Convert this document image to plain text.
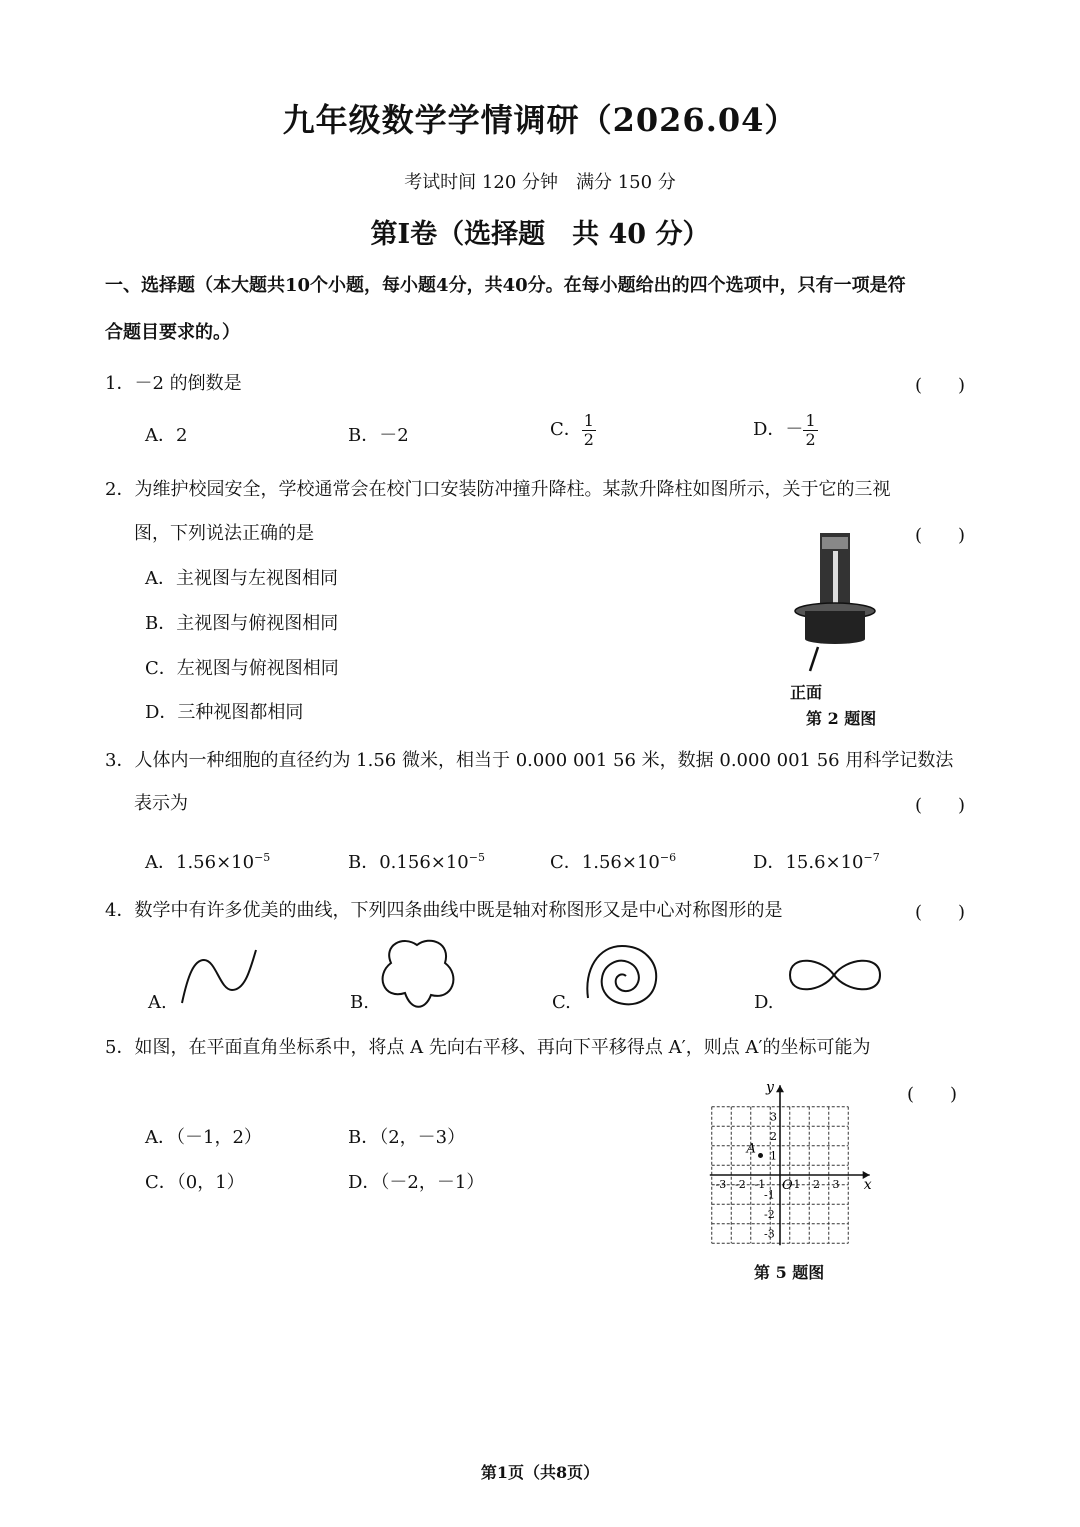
九年级数学学情调研（2026.04）
考试时间 120 分钟　满分 150 分
第Ⅰ卷（选择题　共 40 分）
一、选择题（本大题共10个小题，每小题4分，共40分。在每小题给出的四个选项中，只有一项是符
合题目要求的。）
1．－2 的倒数是	(　　)
A．2	B．－2	C． $\frac{1}{2}$	D．－ $\frac{1}{2}$
2．为维护校园安全，学校通常会在校门口安装防冲撞升降柱。某款升降柱如图所示，关于它的三视
图，下列说法正确的是	(　　)
A．主视图与左视图相同
B．主视图与俯视图相同
C．左视图与俯视图相同
D．三种视图都相同
正面
第 2 题图
3．人体内一种细胞的直径约为 1.56 微米，相当于 0.000 001 56 米，数据 0.000 001 56 用科学记数法
表示为	(　　)
A．$1.56\times 10^{-5}$	B．$0.156\times 10^{-5}$	C．$1.56\times 10^{-6}$	D．$15.6\times 10^{-7}$
4．数学中有许多优美的曲线，下列四条曲线中既是轴对称图形又是中心对称图形的是	(　　)
A.	B.	C.	D.
5．如图，在平面直角坐标系中，将点 A 先向右平移、再向下平移得点 A′，则点 A′的坐标可能为
(　　)
A．（－1，2）	B．（2，－3）
C．（0，1）	D．（－2，－1）	x
y
O
-3 -2 -1	1 2 3
3
2
1
-1
-2
-3
A
第 5 题图
第1页（共8页）
